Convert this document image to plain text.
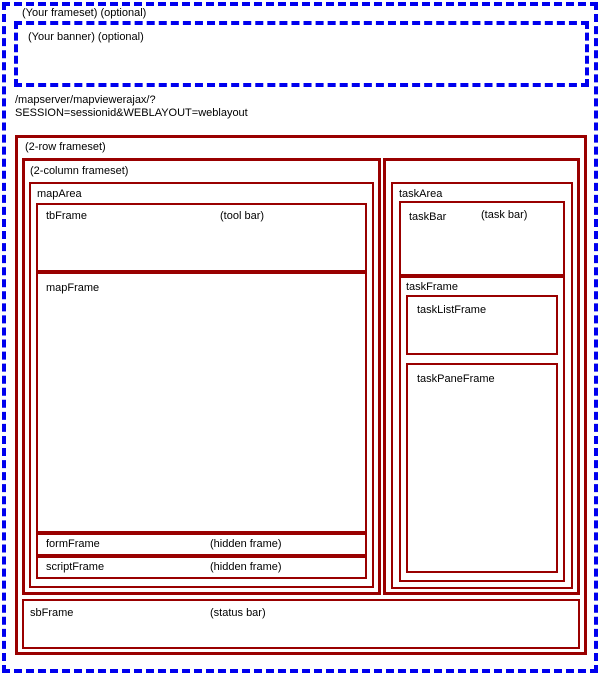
(Your frameset) (optional)
(Your banner) (optional)
/mapserver/mapviewerajax/?
SESSION=sessionid&WEBLAYOUT=weblayout
(2-row frameset)
(2-column frameset)
mapArea
tbFrame	(tool bar)
mapFrame
formFrame	(hidden frame)
scriptFrame	(hidden frame)
taskArea
taskBar	(task bar)
taskFrame
taskListFrame
taskPaneFrame
sbFrame	(status bar)
